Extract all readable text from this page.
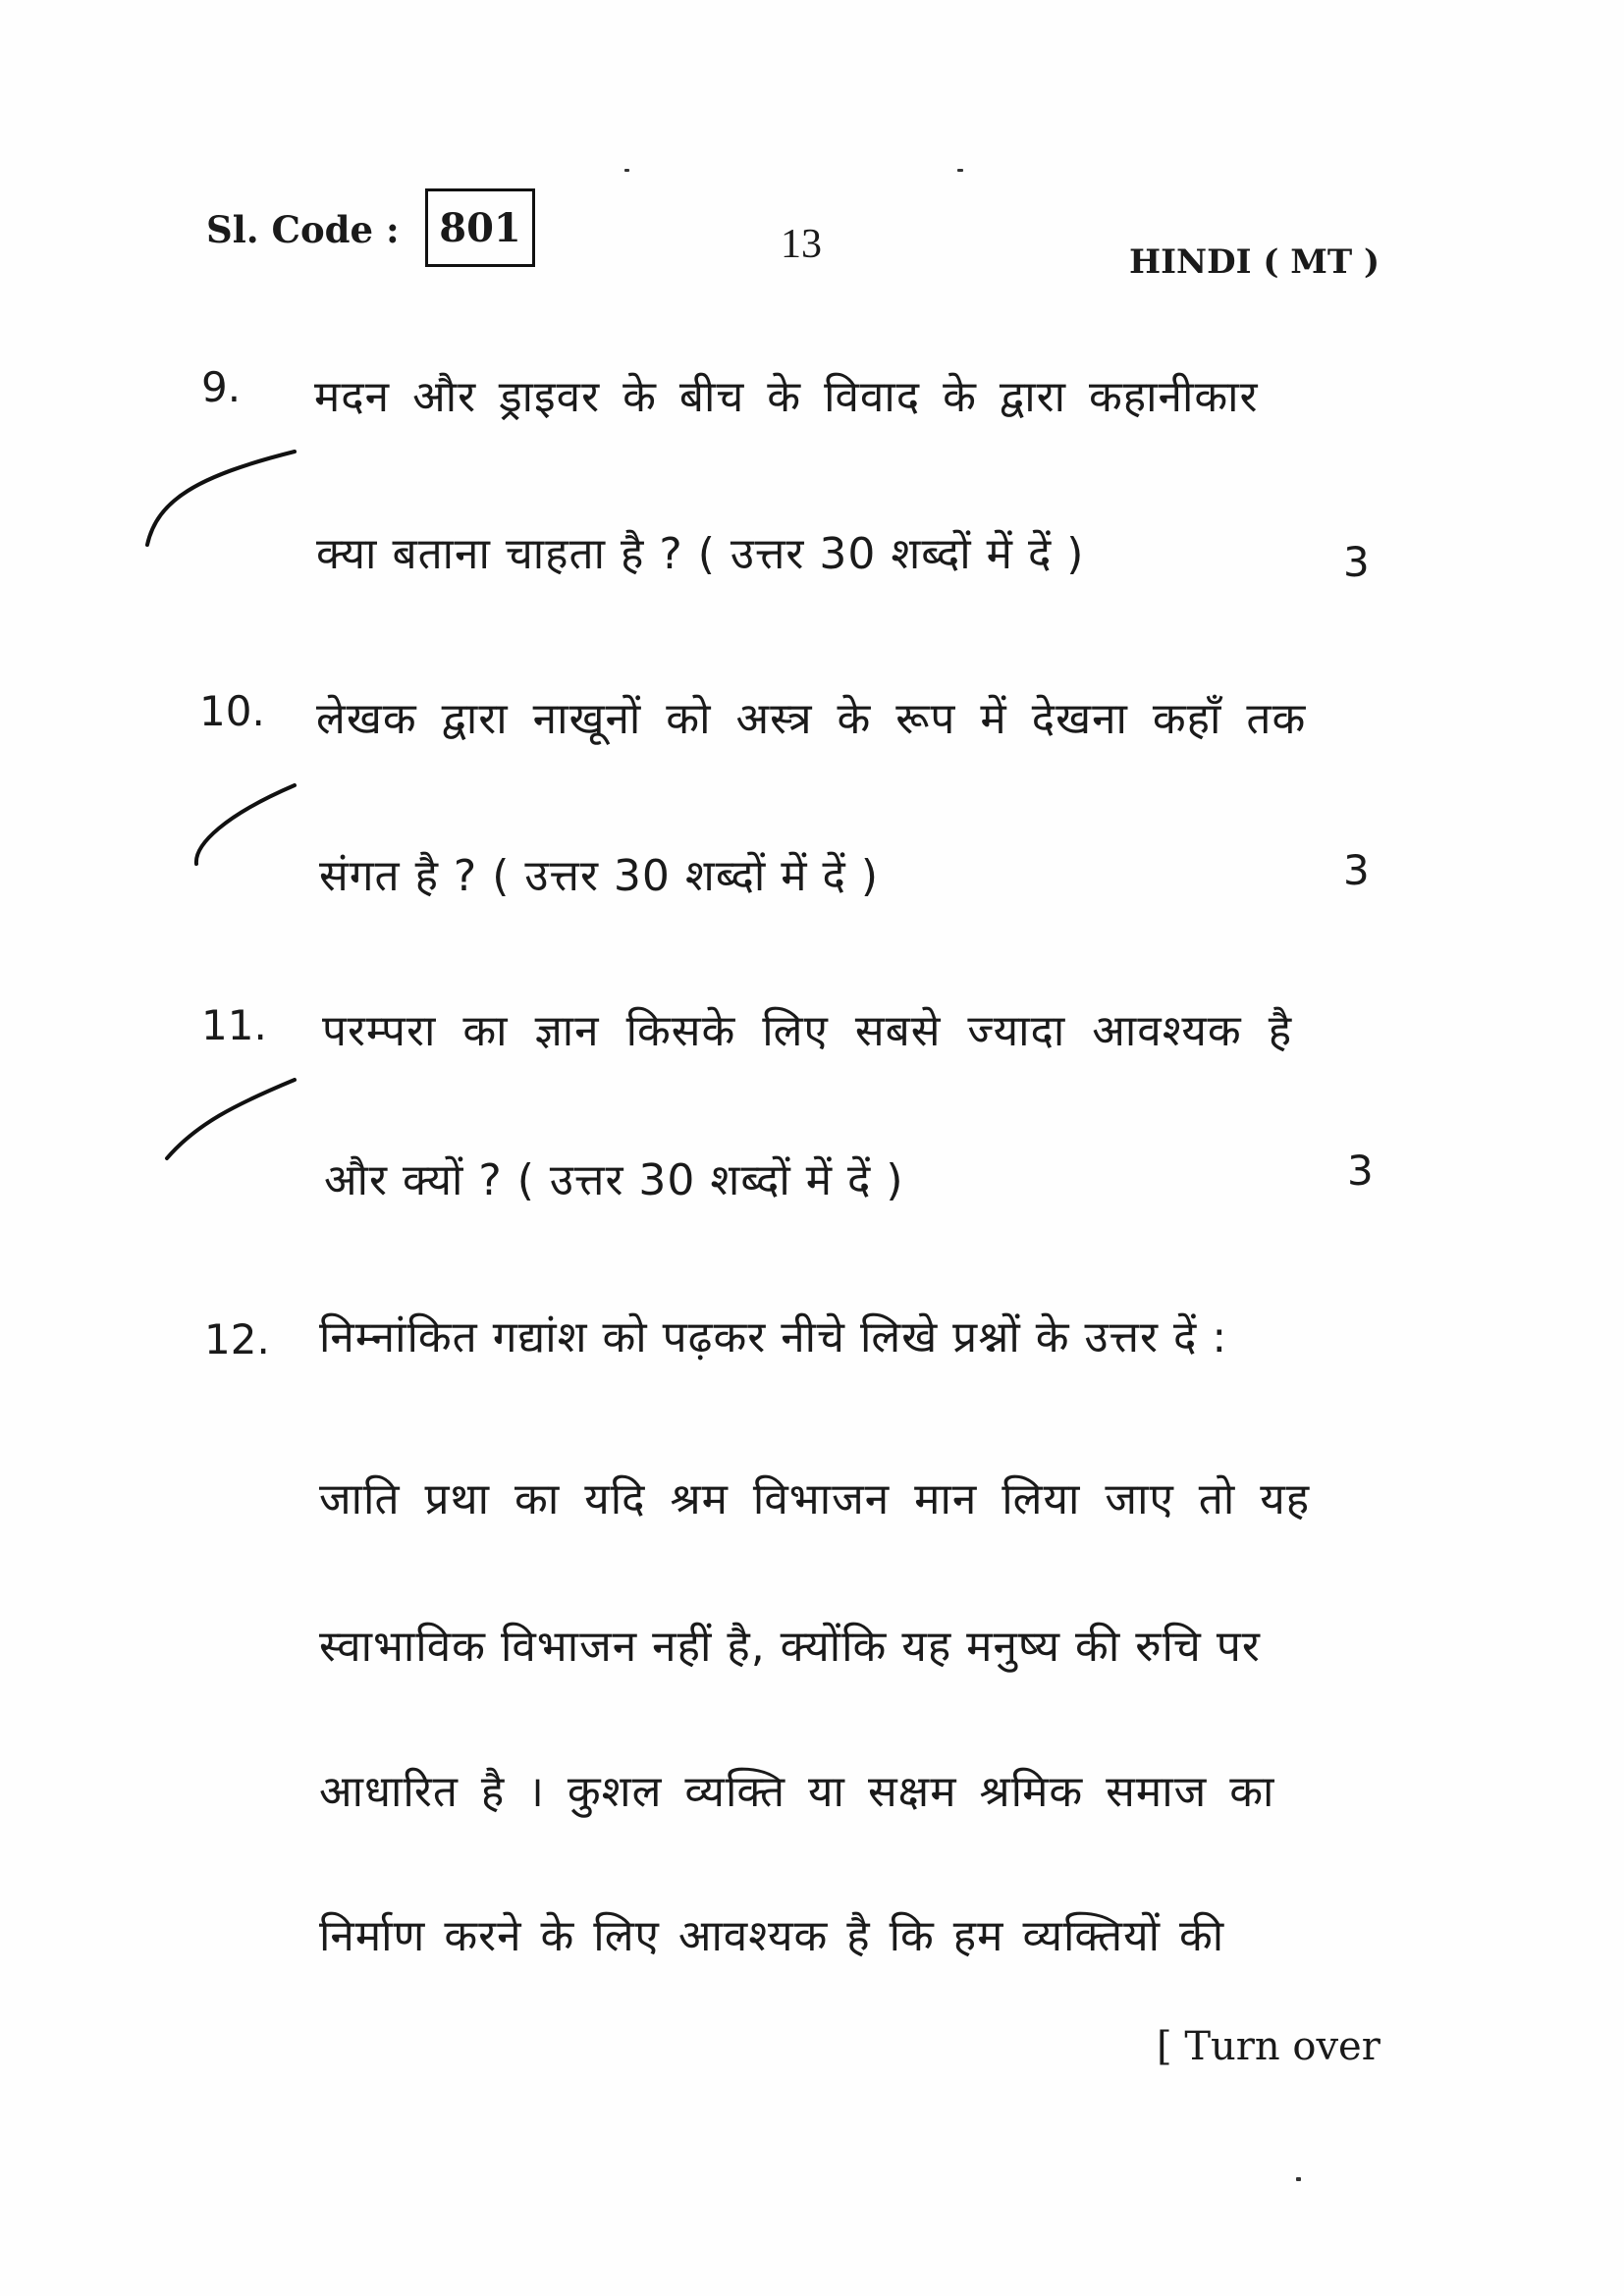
Sl. Code :	801	13	HINDI ( MT )
9. मदन और ड्राइवर के बीच के विवाद के द्वारा कहानीकार
क्या बताना चाहता है ? ( उत्तर 30 शब्दों में दें )	3
10. लेखक द्वारा नाखूनों को अस्त्र के रूप में देखना कहाँ तक
संगत है ? ( उत्तर 30 शब्दों में दें )	3
11. परम्परा का ज्ञान किसके लिए सबसे ज्यादा आवश्यक है
और क्यों ? ( उत्तर 30 शब्दों में दें )	3
12. निम्नांकित गद्यांश को पढ़कर नीचे लिखे प्रश्नों के उत्तर दें :
जाति प्रथा का यदि श्रम विभाजन मान लिया जाए तो यह
स्वाभाविक विभाजन नहीं है, क्योंकि यह मनुष्य की रुचि पर
आधारित है । कुशल व्यक्ति या सक्षम श्रमिक समाज का
निर्माण करने के लिए आवश्यक है कि हम व्यक्तियों की
[ Turn over
